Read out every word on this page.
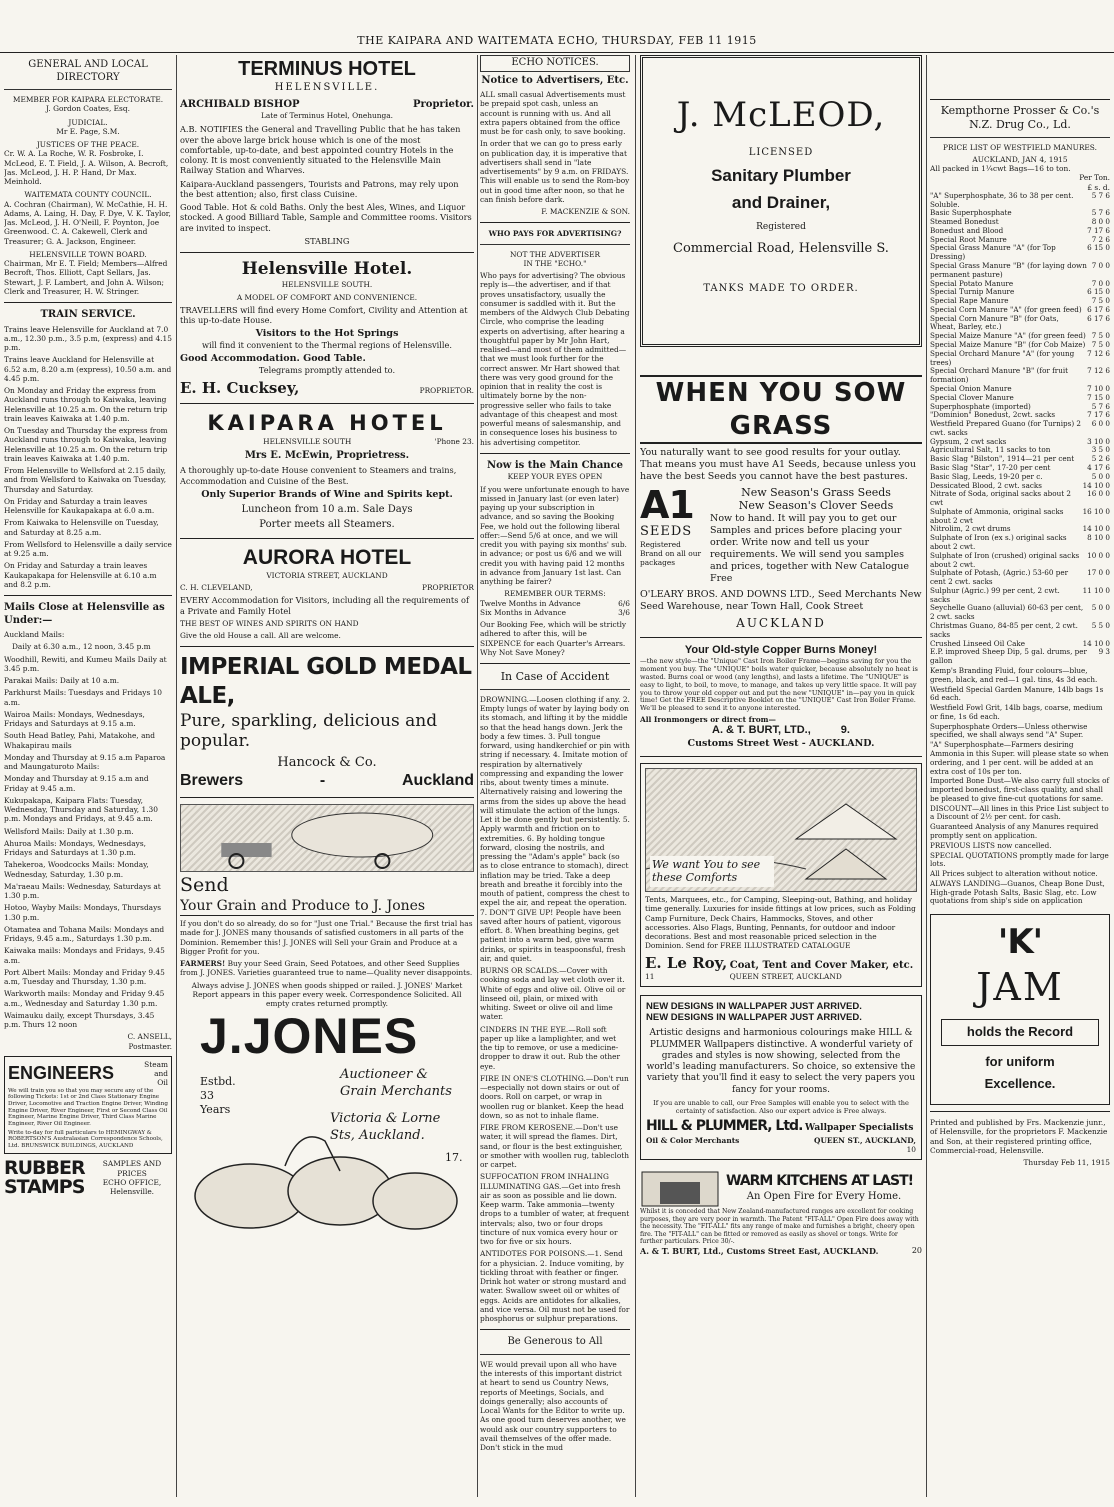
THE KAIPARA AND WAITEMATA ECHO, THURSDAY, FEB 11 1915
GENERAL AND LOCAL DIRECTORY
MEMBER FOR KAIPARA ELECTORATE.
J. Gordon Coates, Esq.
JUDICIAL.
Mr E. Page, S.M.
JUSTICES OF THE PEACE.

Cr. W. A. La Roche, W. R. Fosbroke, I. McLeod, E. T. Field, J. A. Wilson, A. Becroft, Jas. McLeod, J. H. P. Hand, Dr Max. Meinhold.

WAITEMATA COUNTY COUNCIL.

A. Cochran (Chairman), W. McCathie, H. H. Adams, A. Laing, H. Day, F. Dye, V. K. Taylor, Jas. McLeod, J. H. O'Neill, F. Poynton, Joe Greenwood. C. A. Cakewell, Clerk and Treasurer; G. A. Jackson, Engineer.

HELENSVILLE TOWN BOARD.

Chairman, Mr E. T. Field; Members—Alfred Becroft, Thos. Elliott, Capt Sellars, Jas. Stewart, J. F. Lambert, and John A. Wilson; Clerk and Treasurer, H. W. Stringer.

TRAIN SERVICE.

Trains leave Helensville for Auckland at 7.0 a.m., 12.30 p.m., 3.5 p.m, (express) and 4.15 p.m.

Trains leave Auckland for Helensville at 6.52 a.m, 8.20 a.m (express), 10.50 a.m. and 4.45 p.m.

On Monday and Friday the express from Auckland runs through to Kaiwaka, leaving Helensville at 10.25 a.m. On the return trip train leaves Kaiwaka at 1.40 p.m.

On Tuesday and Thursday the express from Auckland runs through to Kaiwaka, leaving Helensville at 10.25 a.m. On the return trip train leaves Kaiwaka at 1.40 p.m.

From Helensville to Wellsford at 2.15 daily, and from Wellsford to Kaiwaka on Tuesday, Thursday and Saturday.

On Friday and Saturday a train leaves Helensville for Kaukapakapa at 6.0 a.m.

From Kaiwaka to Helensville on Tuesday, and Saturday at 8.25 a.m.

From Wellsford to Helensville a daily service at 9.25 a.m.

On Friday and Saturday a train leaves Kaukapakapa for Helensville at 6.10 a.m and 8.2 p.m.

Mails Close at Helensville as Under:—

Auckland Mails:

Daily at 6.30 a.m., 12 noon, 3.45 p.m

Woodhill, Rewiti, and Kumeu Mails Daily at 3.45 p.m.

Parakai Mails: Daily at 10 a.m.

Parkhurst Mails: Tuesdays and Fridays 10 a.m.

Wairoa Mails: Mondays, Wednesdays, Fridays and Saturdays at 9.15 a.m.

South Head Batley, Pahi, Matakohe, and Whakapirau mails

Monday and Thursday at 9.15 a.m Paparoa and Maungaturoto Mails:

Monday and Thursday at 9.15 a.m and Friday at 9.45 a.m.

Kukupakapa, Kaipara Flats: Tuesday, Wednesday, Thursday and Saturday, 1.30 p.m. Mondays and Fridays, at 9.45 a.m.

Wellsford Mails: Daily at 1.30 p.m.

Ahuroa Mails: Mondays, Wednesdays, Fridays and Saturdays at 1.30 p.m.

Tahekeroa, Woodcocks Mails: Monday, Wednesday, Saturday, 1.30 p.m.

Ma'raeau Mails: Wednesday, Saturdays at 1.30 p.m.

Hotoo, Wayby Mails: Mondays, Thursdays 1.30 p.m.

Otamatea and Tohana Mails: Mondays and Fridays, 9.45 a.m., Saturdays 1.30 p.m.

Kaiwaka mails: Mondays and Fridays, 9.45 a.m.

Port Albert Mails: Monday and Friday 9.45 a.m, Tuesday and Thursday, 1.30 p.m.

Warkworth mails: Monday and Friday 9.45 a.m., Wednesday and Saturday 1.30 p.m.

Waimauku daily, except Thursdays, 3.45 p.m. Thurs 12 noon

C. ANSELL,
Postmaster.
ENGINEERS	Steam and Oil
We will train you so that you may secure any of the following Tickets: 1st or 2nd Class Stationary Engine Driver, Locomotive and Traction Engine Driver, Winding Engine Driver, River Engineer, First or Second Class Oil Engineer, Marine Engine Driver, Third Class Marine Engineer, River Oil Engineer.
Write to-day for full particulars to HEMINGWAY & ROBERTSON'S Australasian Correspondence Schools, Ltd. BRUNSWICK BUILDINGS, AUCKLAND
RUBBER STAMPS
SAMPLES AND PRICES
ECHO OFFICE,
Helensville.
TERMINUS HOTEL
HELENSVILLE.
ARCHIBALD BISHOP	Proprietor.
Late of Terminus Hotel, Onehunga.

A.B. NOTIFIES the General and Travelling Public that he has taken over the above large brick house which is one of the most comfortable, up-to-date, and best appointed country Hotels in the colony. It is most conveniently situated to the Helensville Main Railway Station and Wharves.

Kaipara-Auckland passengers, Tourists and Patrons, may rely upon the best attention; also, first class Cuisine.

Good Table. Hot & cold Baths. Only the best Ales, Wines, and Liquor stocked. A good Billiard Table, Sample and Committee rooms. Visitors are invited to inspect.

STABLING
Helensville Hotel.
HELENSVILLE SOUTH.
A MODEL OF COMFORT AND CONVENIENCE.

TRAVELLERS will find every Home Comfort, Civility and Attention at this up-to-date House.

Visitors to the Hot Springs
will find it convenient to the Thermal regions of Helensville.
Good Accommodation. Good Table.
Telegrams promptly attended to.
E. H. Cucksey,	PROPRIETOR.
KAIPARA HOTEL
HELENSVILLE SOUTH	'Phone 23.
Mrs E. McEwin, Proprietress.

A thoroughly up-to-date House convenient to Steamers and trains, Accommodation and Cuisine of the Best.

Only Superior Brands of Wine and Spirits kept.
Luncheon from 10 a.m. Sale Days
Porter meets all Steamers.
AURORA HOTEL
VICTORIA STREET, AUCKLAND
C. H. CLEVELAND,	PROPRIETOR

EVERY Accommodation for Visitors, including all the requirements of a Private and Family Hotel

THE BEST OF WINES AND SPIRITS ON HAND
Give the old House a call. All are welcome.
IMPERIAL GOLD MEDAL ALE,
Pure, sparkling, delicious and popular.
Hancock & Co.
Brewers	-	Auckland
Send
Your Grain and Produce to J. Jones

If you don't do so already, do so for "Just one Trial." Because the first trial has made for J. JONES many thousands of satisfied customers in all parts of the Dominion. Remember this! J. JONES will Sell your Grain and Produce at a Bigger Profit for you.

FARMERS! Buy your Seed Grain, Seed Potatoes, and other Seed Supplies from J. JONES. Varieties guaranteed true to name—Quality never disappoints.

Always advise J. JONES when goods shipped or railed. J. JONES' Market Report appears in this paper every week. Correspondence Solicited. All empty crates returned promptly.

J.JONES
Auctioneer & Grain Merchants
Estbd. 33 Years
Victoria & Lorne Sts, Auckland.
17.
ECHO NOTICES.
Notice to Advertisers, Etc.

ALL small casual Advertisements must be prepaid spot cash, unless an account is running with us. And all extra papers obtained from the office must be for cash only, to save booking.

In order that we can go to press early on publication day, it is imperative that advertisers shall send in "late advertisements" by 9 a.m. on FRIDAYS. This will enable us to send the Rom-boy out in good time after noon, so that he can finish before dark.

F. MACKENZIE & SON.
WHO PAYS FOR ADVERTISING?
NOT THE ADVERTISER
IN THE "ECHO."

Who pays for advertising? The obvious reply is—the advertiser, and if that proves unsatisfactory, usually the consumer is saddled with it. But the members of the Aldwych Club Debating Circle, who comprise the leading experts on advertising, after hearing a thoughtful paper by Mr John Hart, realised—and most of them admitted—that we must look further for the correct answer. Mr Hart showed that there was very good ground for the opinion that in reality the cost is ultimately borne by the non-progressive seller who fails to take advantage of this cheapest and most powerful means of salesmanship, and in consequence loses his business to his advertising competitor.

Now is the Main Chance
KEEP YOUR EYES OPEN

If you were unfortunate enough to have missed in January last (or even later) paying up your subscription in advance, and so saving the Booking Fee, we hold out the following liberal offer:—Send 5/6 at once, and we will credit you with paying six months' sub. in advance; or post us 6/6 and we will credit you with having paid 12 months in advance from January 1st last. Can anything be fairer?

REMEMBER OUR TERMS:
Twelve Months in Advance	6/6
Six Months in Advance	3/6

Our Booking Fee, which will be strictly adhered to after this, will be SIXPENCE for each Quarter's Arrears. Why Not Save Money?

In Case of Accident

DROWNING.—Loosen clothing if any. 2. Empty lungs of water by laying body on its stomach, and lifting it by the middle so that the head hangs down. Jerk the body a few times. 3. Pull tongue forward, using handkerchief or pin with string if necessary. 4. Imitate motion of respiration by alternatively compressing and expanding the lower ribs, about twenty times a minute. Alternatively raising and lowering the arms from the sides up above the head will stimulate the action of the lungs. Let it be done gently but persistently. 5. Apply warmth and friction on to extremities. 6. By holding tongue forward, closing the nostrils, and pressing the "Adam's apple" back (so as to close entrance to stomach), direct inflation may be tried. Take a deep breath and breathe it forcibly into the mouth of patient, compress the chest to expel the air, and repeat the operation. 7. DON'T GIVE UP! People have been saved after hours of patient, vigorous effort. 8. When breathing begins, get patient into a warm bed, give warm drinks, or spirits in teaspoonsful, fresh air, and quiet.

BURNS OR SCALDS.—Cover with cooking soda and lay wet cloth over it. White of eggs and olive oil. Olive oil or linseed oil, plain, or mixed with whiting. Sweet or olive oil and lime water.

CINDERS IN THE EYE.—Roll soft paper up like a lamplighter, and wet the tip to remove, or use a medicine-dropper to draw it out. Rub the other eye.

FIRE IN ONE'S CLOTHING.—Don't run—especially not down stairs or out of doors. Roll on carpet, or wrap in woollen rug or blanket. Keep the head down, so as not to inhale flame.

FIRE FROM KEROSENE.—Don't use water, it will spread the flames. Dirt, sand, or flour is the best extinguisher, or smother with woollen rug, tablecloth or carpet.

SUFFOCATION FROM INHALING ILLUMINATING GAS.—Get into fresh air as soon as possible and lie down. Keep warm. Take ammonia—twenty drops to a tumbler of water, at frequent intervals; also, two or four drops tincture of nux vomica every hour or two for five or six hours.

ANTIDOTES FOR POISONS.—1. Send for a physician. 2. Induce vomiting, by tickling throat with feather or finger. Drink hot water or strong mustard and water. Swallow sweet oil or whites of eggs. Acids are antidotes for alkalies, and vice versa. Oil must not be used for phosphorus or sulphur preparations.

Be Generous to All

WE would prevail upon all who have the interests of this important district at heart to send us Country News, reports of Meetings, Socials, and doings generally; also accounts of Local Wants for the Editor to write up. As one good turn deserves another, we would ask our country supporters to avail themselves of the offer made. Don't stick in the mud

J. McLEOD,
LICENSED
Sanitary Plumber
and Drainer,
Registered
Commercial Road, Helensville S.
TANKS MADE TO ORDER.
WHEN YOU SOW GRASS

You naturally want to see good results for your outlay. That means you must have A1 Seeds, because unless you have the best Seeds you cannot have the best pastures.

A1
SEEDS
Registered Brand on all our packages
New Season's Grass Seeds
New Season's Clover Seeds

Now to hand. It will pay you to get our Samples and prices before placing your order. Write now and tell us your requirements. We will send you samples and prices, together with New Catalogue Free

O'LEARY BROS. AND DOWNS LTD., Seed Merchants New Seed Warehouse, near Town Hall, Cook Street

AUCKLAND
Your Old-style Copper Burns Money!
—the new style—the "Unique" Cast Iron Boiler Frame—begins saving for you the moment you buy. The "UNIQUE" boils water quicker, because absolutely no heat is wasted. Burns coal or wood (any lengths), and lasts a lifetime. The "UNIQUE" is easy to light, to boil, to move, to manage, and takes up very little space. It will pay you to throw your old copper out and put the new "UNIQUE" in—pay you in quick time! Get the FREE Descriptive Booklet on the "UNIQUE" Cast Iron Boiler Frame. We'll be pleased to send it to anyone interested.
All Ironmongers or direct from—
A. & T. BURT, LTD.,	9.
Customs Street West - AUCKLAND.
We want You to see these Comforts

Tents, Marquees, etc., for Camping, Sleeping-out, Bathing, and holiday time generally. Luxuries for inside fittings at low prices, such as Folding Camp Furniture, Deck Chairs, Hammocks, Stoves, and other accessories. Also Flags, Bunting, Pennants, for outdoor and indoor decorations. Best and most reasonable priced selection in the Dominion. Send for FREE ILLUSTRATED CATALOGUE

E. Le Roy, Coat, Tent and Cover Maker, etc.
11	QUEEN STREET, AUCKLAND
NEW DESIGNS IN WALLPAPER JUST ARRIVED.
NEW DESIGNS IN WALLPAPER JUST ARRIVED.

Artistic designs and harmonious colourings make HILL & PLUMMER Wallpapers distinctive. A wonderful variety of grades and styles is now showing, selected from the world's leading manufacturers. So choice, so extensive the variety that you'll find it easy to select the very papers you fancy for your rooms.

If you are unable to call, our Free Samples will enable you to select with the certainty of satisfaction. Also our expert advice is Free always.

HILL & PLUMMER, Ltd. Wallpaper Specialists
Oil & Color Merchants	QUEEN ST., AUCKLAND,
10
WARM KITCHENS AT LAST!
An Open Fire for Every Home.
Whilst it is conceded that New Zealand-manufactured ranges are excellent for cooking purposes, they are very poor in warmth. The Patent "FIT-ALL" Open Fire does away with the necessity. The "FIT-ALL" fits any range of make and furnishes a bright, cheery open fire. The "FIT-ALL" can be fitted or removed as easily as shovel or tongs. Write for further particulars. Price 30/-.
A. & T. BURT, Ltd., Customs Street East, AUCKLAND.	20
Kempthorne Prosser & Co.'s N.Z. Drug Co., Ld.
PRICE LIST OF WESTFIELD MANURES.
AUCKLAND, JAN 4, 1915
All packed in 1¼cwt Bags—16 to ton.
Per Ton.
£ s. d.
"A" Superphosphate, 36 to 38 per cent. Soluble.
5 7 6
Basic Superphosphate	5 7 6
Steamed Bonedust	8 0 0
Bonedust and Blood	7 17 6
Special Root Manure	7 2 6
Special Grass Manure "A" (for Top Dressing)
6 15 0
Special Grass Manure "B" (for laying down permanent pasture)
7 0 0
Special Potato Manure	7 0 0
Special Turnip Manure	6 15 0
Special Rape Manure	7 5 0
Special Corn Manure "A" (for green feed) 6 17 6
Special Corn Manure "B" (for Oats, Wheat, Barley, etc.)
6 17 6
Special Maize Manure "A" (for green feed) 7 5 0
Special Maize Manure "B" (for Cob Maize) 7 5 0
Special Orchard Manure "A" (for young trees)
7 12 6
Special Orchard Manure "B" (for fruit formation)
7 12 6
Special Onion Manure	7 10 0
Special Clover Manure	7 15 0
Superphosphate (imported)	5 7 6
"Dominion" Bonedust, 2cwt. sacks	7 17 6
Westfield Prepared Guano (for Turnips) 2 cwt. sacks
6 0 0
Gypsum, 2 cwt sacks	3 10 0
Agricultural Salt, 11 sacks to ton	3 5 0
Basic Slag "Bilston", 1914—21 per cent 5 2 6
Basic Slag "Star", 17-20 per cent	4 17 6
Basic Slag, Leeds, 19-20 per c.	5 0 0
Dessicated Blood, 2 cwt. sacks	14 10 0
Nitrate of Soda, original sacks about 2 cwt
16 0 0
Sulphate of Ammonia, original sacks about 2 cwt
16 10 0
Nitrolim, 2 cwt drums	14 10 0
Sulphate of Iron (ex s.) original sacks about 2 cwt.
8 10 0
Sulphate of Iron (crushed) original sacks about 2 cwt.
10 0 0
Sulphate of Potash, (Agric.) 53-60 per cent 2 cwt. sacks
17 0 0
Sulphur (Agric.) 99 per cent, 2 cwt. sacks
11 10 0
Seychelle Guano (alluvial) 60-63 per cent, 2 cwt. sacks
5 0 0
Christmas Guano, 84-85 per cent, 2 cwt. sacks
5 5 0
Crushed Linseed Oil Cake	14 10 0
E.P. improved Sheep Dip, 5 gal. drums, per gallon
9 3
Kemp's Branding Fluid, four colours—blue, green, black, and red—1 gal. tins, 4s 3d each.
Westfield Special Garden Manure, 14lb bags 1s 6d each.
Westfield Fowl Grit, 14lb bags, coarse, medium or fine, 1s 6d each.
Superphosphate Orders—Unless otherwise specified, we shall always send "A" Super.
"A" Superphosphate—Farmers desiring Ammonia in this Super. will please state so when ordering, and 1 per cent. will be added at an extra cost of 10s per ton.
Imported Bone Dust—We also carry full stocks of imported bonedust, first-class quality, and shall be pleased to give fine-cut quotations for same.
DISCOUNT—All lines in this Price List subject to a Discount of 2½ per cent. for cash.
Guaranteed Analysis of any Manures required promptly sent on application.
PREVIOUS LISTS now cancelled.
SPECIAL QUOTATIONS promptly made for large lots.
All Prices subject to alteration without notice.
ALWAYS LANDING—Guanos, Cheap Bone Dust, High-grade Potash Salts, Basic Slag, etc. Low quotations from ship's side on application
'K'
JAM
holds the Record
for uniform
Excellence.

Printed and published by Frs. Mackenzie junr., of Helensville, for the proprietors F. Mackenzie and Son, at their registered printing office, Commercial-road, Helensville.

Thursday Feb 11, 1915
